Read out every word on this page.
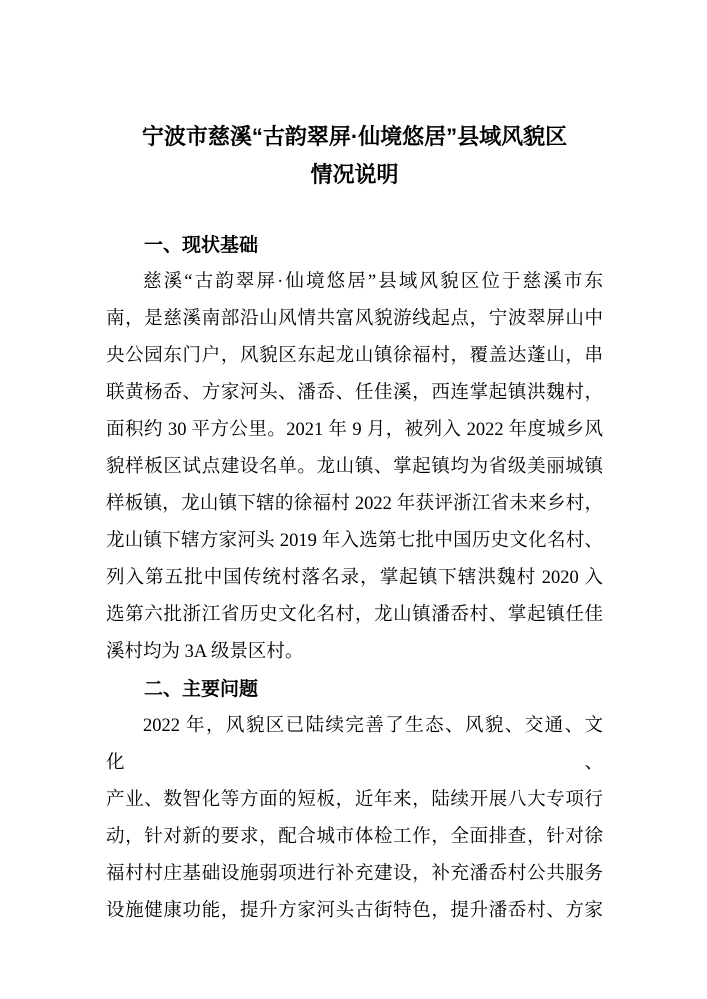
宁波市慈溪“古韵翠屏·仙境悠居”县域风貌区
情况说明
一、现状基础
慈溪“古韵翠屏·仙境悠居”县域风貌区位于慈溪市东
南，是慈溪南部沿山风情共富风貌游线起点，宁波翠屏山中
央公园东门户，风貌区东起龙山镇徐福村，覆盖达蓬山，串
联黄杨岙、方家河头、潘岙、任佳溪，西连掌起镇洪魏村，
面积约 30 平方公里。2021 年 9 月，被列入 2022 年度城乡风
貌样板区试点建设名单。龙山镇、掌起镇均为省级美丽城镇
样板镇，龙山镇下辖的徐福村 2022 年获评浙江省未来乡村，
龙山镇下辖方家河头 2019 年入选第七批中国历史文化名村、
列入第五批中国传统村落名录，掌起镇下辖洪魏村 2020 入
选第六批浙江省历史文化名村，龙山镇潘岙村、掌起镇任佳
溪村均为 3A 级景区村。
二、主要问题
2022 年，风貌区已陆续完善了生态、风貌、交通、文化、
产业、数智化等方面的短板，近年来，陆续开展八大专项行
动，针对新的要求，配合城市体检工作，全面排查，针对徐
福村村庄基础设施弱项进行补充建设，补充潘岙村公共服务
设施健康功能，提升方家河头古街特色，提升潘岙村、方家
